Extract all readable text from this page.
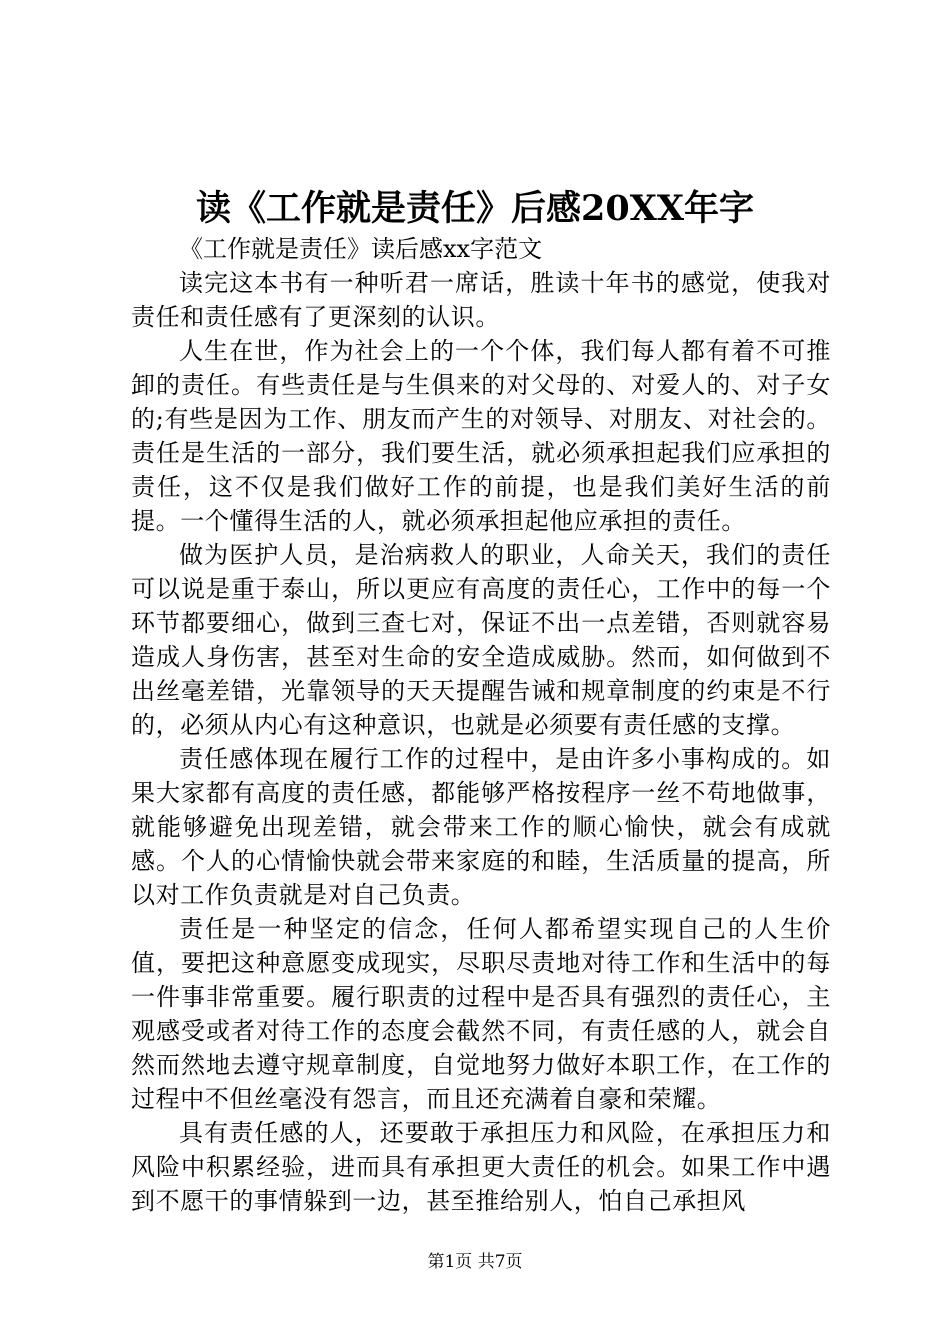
读《工作就是责任》后感20XX年字

《工作就是责任》读后感xx字范文

读完这本书有一种听君一席话，胜读十年书的感觉，使我对责任和责任感有了更深刻的认识。

人生在世，作为社会上的一个个体，我们每人都有着不可推卸的责任。有些责任是与生俱来的对父母的、对爱人的、对子女的;有些是因为工作、朋友而产生的对领导、对朋友、对社会的。责任是生活的一部分，我们要生活，就必须承担起我们应承担的责任，这不仅是我们做好工作的前提，也是我们美好生活的前提。一个懂得生活的人，就必须承担起他应承担的责任。

做为医护人员，是治病救人的职业，人命关天，我们的责任可以说是重于泰山，所以更应有高度的责任心，工作中的每一个环节都要细心，做到三查七对，保证不出一点差错，否则就容易造成人身伤害，甚至对生命的安全造成威胁。然而，如何做到不出丝毫差错，光靠领导的天天提醒告诫和规章制度的约束是不行的，必须从内心有这种意识，也就是必须要有责任感的支撑。

责任感体现在履行工作的过程中，是由许多小事构成的。如果大家都有高度的责任感，都能够严格按程序一丝不苟地做事，就能够避免出现差错，就会带来工作的顺心愉快，就会有成就感。个人的心情愉快就会带来家庭的和睦，生活质量的提高，所以对工作负责就是对自己负责。

责任是一种坚定的信念，任何人都希望实现自己的人生价值，要把这种意愿变成现实，尽职尽责地对待工作和生活中的每一件事非常重要。履行职责的过程中是否具有强烈的责任心，主观感受或者对待工作的态度会截然不同，有责任感的人，就会自然而然地去遵守规章制度，自觉地努力做好本职工作，在工作的过程中不但丝毫没有怨言，而且还充满着自豪和荣耀。

具有责任感的人，还要敢于承担压力和风险，在承担压力和风险中积累经验，进而具有承担更大责任的机会。如果工作中遇到不愿干的事情躲到一边，甚至推给别人，怕自己承担风

第1页 共7页
